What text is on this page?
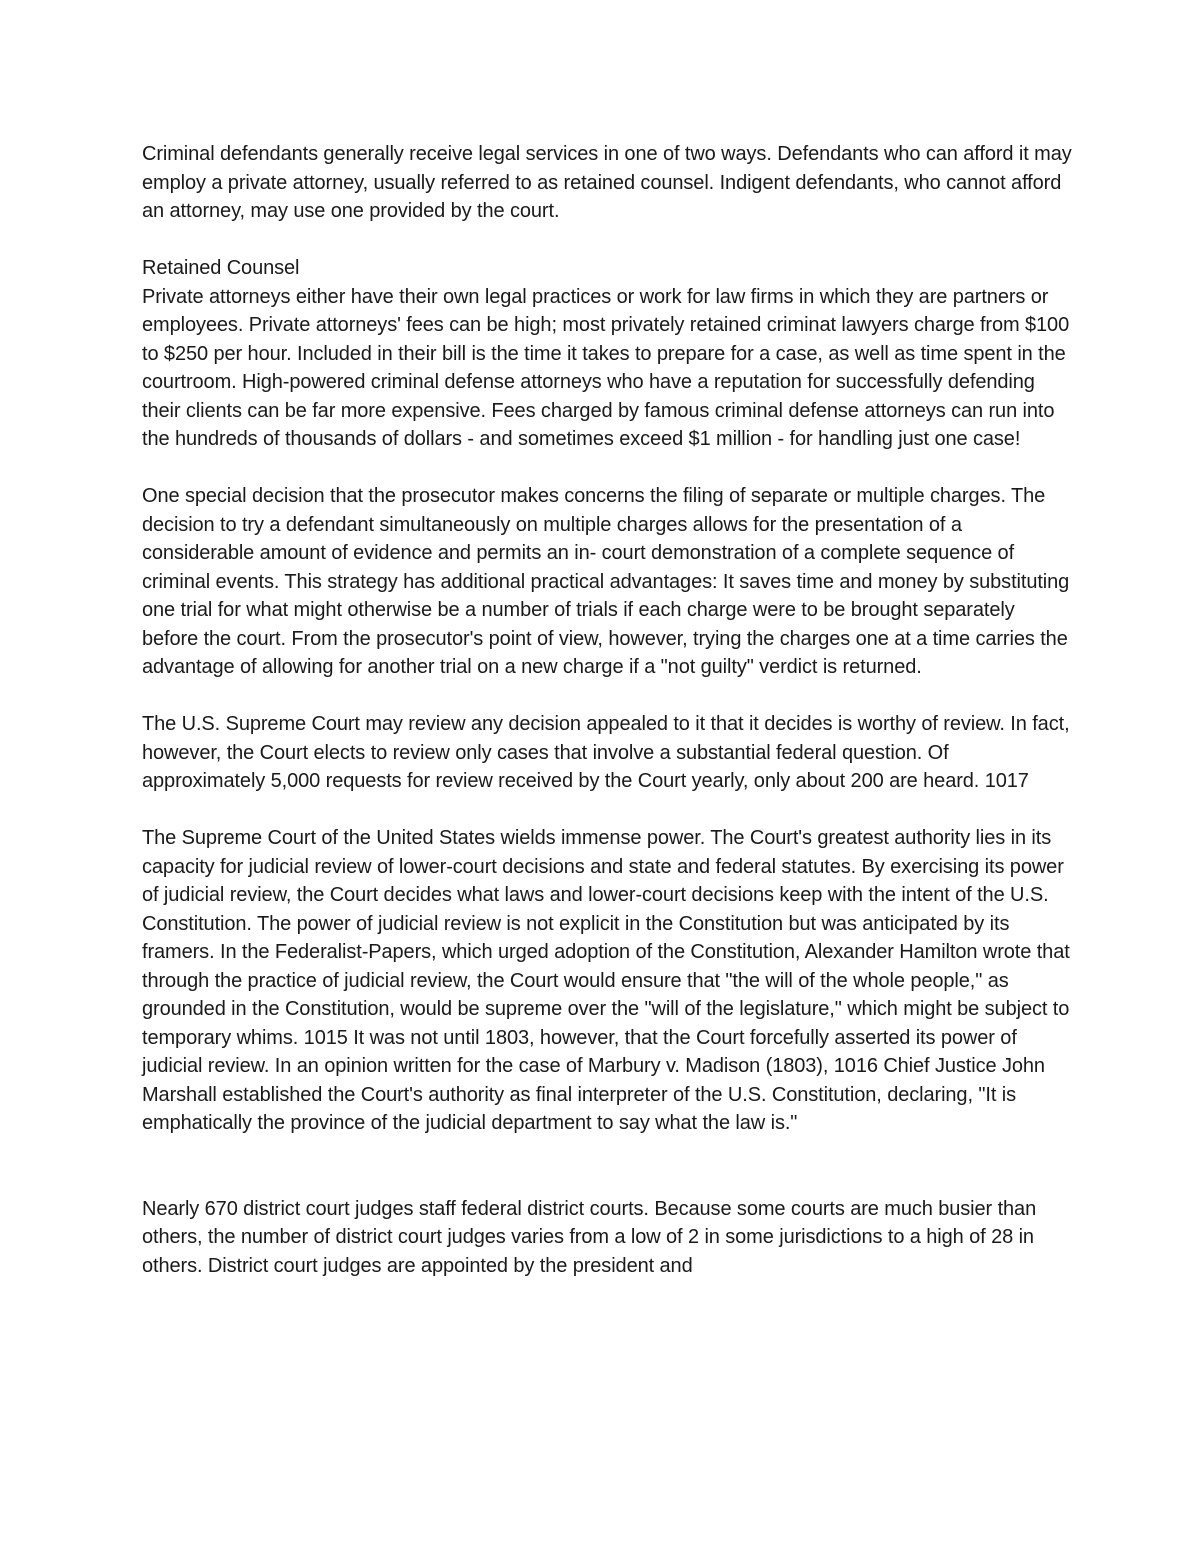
Criminal defendants generally receive legal services in one of two ways. Defendants who can afford it may employ a private attorney, usually referred to as retained counsel. Indigent defendants, who cannot afford an attorney, may use one provided by the court.

Retained Counsel

Private attorneys either have their own legal practices or work for law firms in which they are partners or employees. Private attorneys' fees can be high; most privately retained criminat lawyers charge from $100 to $250 per hour. Included in their bill is the time it takes to prepare for a case, as well as time spent in the courtroom. High-powered criminal defense attorneys who have a reputation for successfully defending their clients can be far more expensive. Fees charged by famous criminal defense attorneys can run into the hundreds of thousands of dollars - and sometimes exceed $1 million - for handling just one case!

One special decision that the prosecutor makes concerns the filing of separate or multiple charges. The decision to try a defendant simultaneously on multiple charges allows for the presentation of a considerable amount of evidence and permits an in- court demonstration of a complete sequence of criminal events. This strategy has additional practical advantages: It saves time and money by substituting one trial for what might otherwise be a number of trials if each charge were to be brought separately before the court. From the prosecutor's point of view, however, trying the charges one at a time carries the advantage of allowing for another trial on a new charge if a "not guilty" verdict is returned.

The U.S. Supreme Court may review any decision appealed to it that it decides is worthy of review. In fact, however, the Court elects to review only cases that involve a substantial federal question. Of approximately 5,000 requests for review received by the Court yearly, only about 200 are heard. 1017

The Supreme Court of the United States wields immense power. The Court's greatest authority lies in its capacity for judicial review of lower-court decisions and state and federal statutes. By exercising its power of judicial review, the Court decides what laws and lower-court decisions keep with the intent of the U.S. Constitution. The power of judicial review is not explicit in the Constitution but was anticipated by its framers. In the Federalist-Papers, which urged adoption of the Constitution, Alexander Hamilton wrote that through the practice of judicial review, the Court would ensure that "the will of the whole people," as grounded in the Constitution, would be supreme over the "will of the legislature," which might be subject to temporary whims. 1015 It was not until 1803, however, that the Court forcefully asserted its power of judicial review. In an opinion written for the case of Marbury v. Madison (1803), 1016 Chief Justice John Marshall established the Court's authority as final interpreter of the U.S. Constitution, declaring, "It is emphatically the province of the judicial department to say what the law is."

Nearly 670 district court judges staff federal district courts. Because some courts are much busier than others, the number of district court judges varies from a low of 2 in some jurisdictions to a high of 28 in others. District court judges are appointed by the president and
